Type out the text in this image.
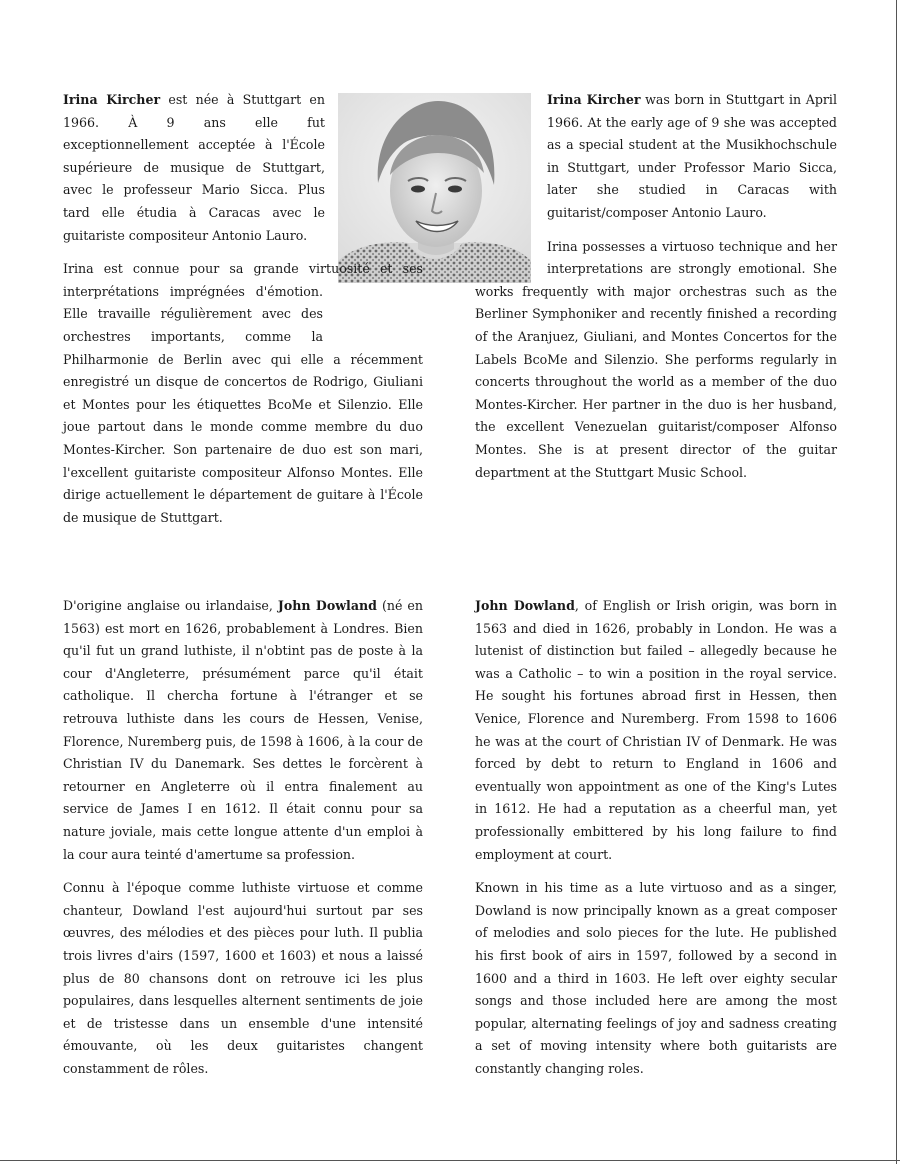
Irina Kircher est née à Stuttgart en 1966. À 9 ans elle fut exceptionnellement acceptée à l'École supérieure de musique de Stuttgart, avec le professeur Mario Sicca. Plus tard elle étudia à Caracas avec le guitariste compositeur Antonio Lauro.

Irina est connue pour sa grande virtuosité et ses interprétations imprégnées d'émotion. Elle travaille régulièrement avec des orchestres importants, comme la Philharmonie de Berlin avec qui elle a récemment enregistré un disque de concertos de Rodrigo, Giuliani et Montes pour les étiquettes BcoMe et Silenzio. Elle joue partout dans le monde comme membre du duo Montes-Kircher. Son partenaire de duo est son mari, l'excellent guitariste compositeur Alfonso Montes. Elle dirige actuellement le département de guitare à l'École de musique de Stuttgart.

Irina Kircher was born in Stuttgart in April 1966. At the early age of 9 she was accepted as a special student at the Musikhochschule in Stuttgart, under Professor Mario Sicca, later she studied in Caracas with guitarist/composer Antonio Lauro.

Irina possesses a virtuoso technique and her interpretations are strongly emotional. She works frequently with major orchestras such as the Berliner Symphoniker and recently finished a recording of the Aranjuez, Giuliani, and Montes Concertos for the Labels BcoMe and Silenzio. She performs regularly in concerts throughout the world as a member of the duo Montes-Kircher. Her partner in the duo is her husband, the excellent Venezuelan guitarist/composer Alfonso Montes. She is at present director of the guitar department at the Stuttgart Music School.

D'origine anglaise ou irlandaise, John Dowland (né en 1563) est mort en 1626, probablement à Londres. Bien qu'il fut un grand luthiste, il n'obtint pas de poste à la cour d'Angleterre, présumément parce qu'il était catholique. Il chercha fortune à l'étranger et se retrouva luthiste dans les cours de Hessen, Venise, Florence, Nuremberg puis, de 1598 à 1606, à la cour de Christian IV du Danemark. Ses dettes le forcèrent à retourner en Angleterre où il entra finalement au service de James I en 1612. Il était connu pour sa nature joviale, mais cette longue attente d'un emploi à la cour aura teinté d'amertume sa profession.

Connu à l'époque comme luthiste virtuose et comme chanteur, Dowland l'est aujourd'hui surtout par ses œuvres, des mélodies et des pièces pour luth. Il publia trois livres d'airs (1597, 1600 et 1603) et nous a laissé plus de 80 chansons dont on retrouve ici les plus populaires, dans lesquelles alternent sentiments de joie et de tristesse dans un ensemble d'une intensité émouvante, où les deux guitaristes changent constamment de rôles.

John Dowland, of English or Irish origin, was born in 1563 and died in 1626, probably in London. He was a lutenist of distinction but failed – allegedly because he was a Catholic – to win a position in the royal service. He sought his fortunes abroad first in Hessen, then Venice, Florence and Nuremberg. From 1598 to 1606 he was at the court of Christian IV of Denmark. He was forced by debt to return to England in 1606 and eventually won appointment as one of the King's Lutes in 1612. He had a reputation as a cheerful man, yet professionally embittered by his long failure to find employment at court.

Known in his time as a lute virtuoso and as a singer, Dowland is now principally known as a great composer of melodies and solo pieces for the lute. He published his first book of airs in 1597, followed by a second in 1600 and a third in 1603. He left over eighty secular songs and those included here are among the most popular, alternating feelings of joy and sadness creating a set of moving intensity where both guitarists are constantly changing roles.
